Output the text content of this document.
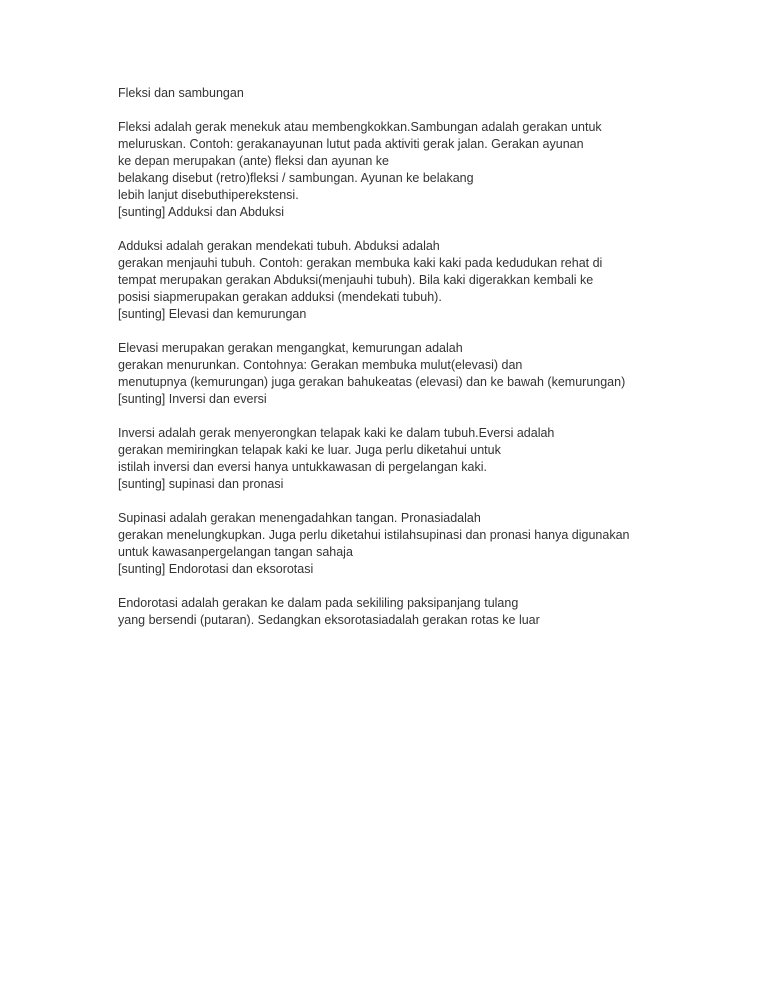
Fleksi dan sambungan
Fleksi adalah gerak menekuk atau membengkokkan.Sambungan adalah gerakan untuk
meluruskan. Contoh: gerakanayunan lutut pada aktiviti gerak jalan. Gerakan ayunan
ke depan merupakan (ante) fleksi dan ayunan ke
belakang disebut (retro)fleksi / sambungan. Ayunan ke belakang
lebih lanjut disebuthiperekstensi.
[sunting] Adduksi dan Abduksi
Adduksi adalah gerakan mendekati tubuh. Abduksi adalah
gerakan menjauhi tubuh. Contoh: gerakan membuka kaki kaki pada kedudukan rehat di
tempat merupakan gerakan Abduksi(menjauhi tubuh). Bila kaki digerakkan kembali ke
posisi siapmerupakan gerakan adduksi (mendekati tubuh).
[sunting] Elevasi dan kemurungan
Elevasi merupakan gerakan mengangkat, kemurungan adalah
gerakan menurunkan. Contohnya: Gerakan membuka mulut(elevasi) dan
menutupnya (kemurungan) juga gerakan bahukeatas (elevasi) dan ke bawah (kemurungan)
[sunting] Inversi dan eversi
Inversi adalah gerak menyerongkan telapak kaki ke dalam tubuh.Eversi adalah
gerakan memiringkan telapak kaki ke luar. Juga perlu diketahui untuk
istilah inversi dan eversi hanya untukkawasan di pergelangan kaki.
[sunting] supinasi dan pronasi
Supinasi adalah gerakan menengadahkan tangan. Pronasiadalah
gerakan menelungkupkan. Juga perlu diketahui istilahsupinasi dan pronasi hanya digunakan
untuk kawasanpergelangan tangan sahaja
[sunting] Endorotasi dan eksorotasi
Endorotasi adalah gerakan ke dalam pada sekililing paksipanjang tulang
yang bersendi (putaran). Sedangkan eksorotasiadalah gerakan rotas ke luar
